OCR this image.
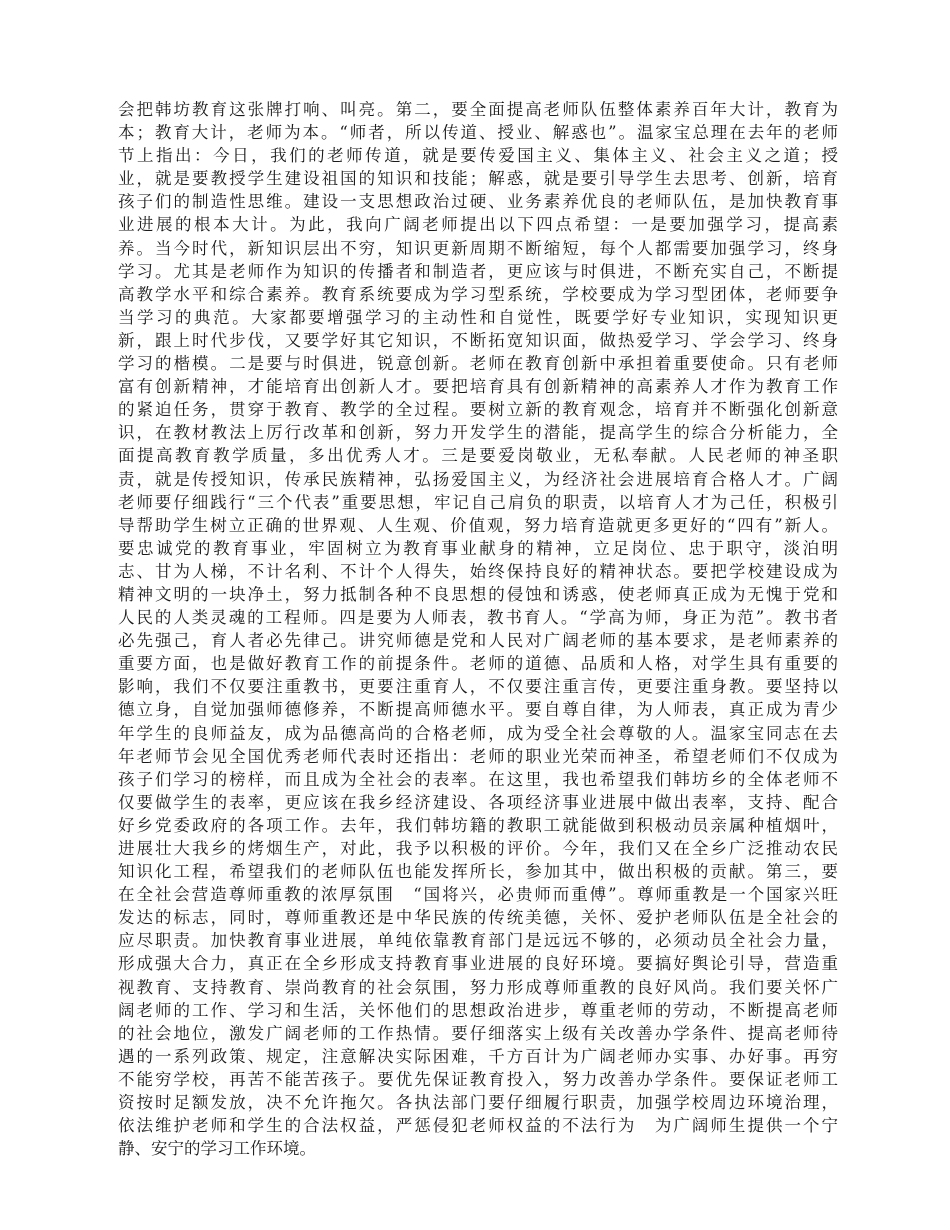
会把韩坊教育这张牌打响、叫亮。第二，要全面提高老师队伍整体素养百年大计，教育为
本；教育大计，老师为本。“师者，所以传道、授业、解惑也”。温家宝总理在去年的老师
节上指出：今日，我们的老师传道，就是要传爱国主义、集体主义、社会主义之道；授
业，就是要教授学生建设祖国的知识和技能；解惑，就是要引导学生去思考、创新，培育
孩子们的制造性思维。建设一支思想政治过硬、业务素养优良的老师队伍，是加快教育事
业进展的根本大计。为此，我向广阔老师提出以下四点希望：一是要加强学习，提高素
养。当今时代，新知识层出不穷，知识更新周期不断缩短，每个人都需要加强学习，终身
学习。尤其是老师作为知识的传播者和制造者，更应该与时俱进，不断充实自己，不断提
高教学水平和综合素养。教育系统要成为学习型系统，学校要成为学习型团体，老师要争
当学习的典范。大家都要增强学习的主动性和自觉性，既要学好专业知识，实现知识更
新，跟上时代步伐，又要学好其它知识，不断拓宽知识面，做热爱学习、学会学习、终身
学习的楷模。二是要与时俱进，锐意创新。老师在教育创新中承担着重要使命。只有老师
富有创新精神，才能培育出创新人才。要把培育具有创新精神的高素养人才作为教育工作
的紧迫任务，贯穿于教育、教学的全过程。要树立新的教育观念，培育并不断强化创新意
识，在教材教法上厉行改革和创新，努力开发学生的潜能，提高学生的综合分析能力，全
面提高教育教学质量，多出优秀人才。三是要爱岗敬业，无私奉献。人民老师的神圣职
责，就是传授知识，传承民族精神，弘扬爱国主义，为经济社会进展培育合格人才。广阔
老师要仔细践行“三个代表”重要思想，牢记自己肩负的职责，以培育人才为己任，积极引
导帮助学生树立正确的世界观、人生观、价值观，努力培育造就更多更好的“四有”新人。
要忠诚党的教育事业，牢固树立为教育事业献身的精神，立足岗位、忠于职守，淡泊明
志、甘为人梯，不计名利、不计个人得失，始终保持良好的精神状态。要把学校建设成为
精神文明的一块净土，努力抵制各种不良思想的侵蚀和诱惑，使老师真正成为无愧于党和
人民的人类灵魂的工程师。四是要为人师表，教书育人。“学高为师，身正为范”。教书者
必先强己，育人者必先律己。讲究师德是党和人民对广阔老师的基本要求，是老师素养的
重要方面，也是做好教育工作的前提条件。老师的道德、品质和人格，对学生具有重要的
影响，我们不仅要注重教书，更要注重育人，不仅要注重言传，更要注重身教。要坚持以
德立身，自觉加强师德修养，不断提高师德水平。要自尊自律，为人师表，真正成为青少
年学生的良师益友，成为品德高尚的合格老师，成为受全社会尊敬的人。温家宝同志在去
年老师节会见全国优秀老师代表时还指出：老师的职业光荣而神圣，希望老师们不仅成为
孩子们学习的榜样，而且成为全社会的表率。在这里，我也希望我们韩坊乡的全体老师不
仅要做学生的表率，更应该在我乡经济建设、各项经济事业进展中做出表率，支持、配合
好乡党委政府的各项工作。去年，我们韩坊籍的教职工就能做到积极动员亲属种植烟叶，
进展壮大我乡的烤烟生产，对此，我予以积极的评价。今年，我们又在全乡广泛推动农民
知识化工程，希望我们的老师队伍也能发挥所长，参加其中，做出积极的贡献。第三，要
在全社会营造尊师重教的浓厚氛围　“国将兴，必贵师而重傅”。尊师重教是一个国家兴旺
发达的标志，同时，尊师重教还是中华民族的传统美德，关怀、爱护老师队伍是全社会的
应尽职责。加快教育事业进展，单纯依靠教育部门是远远不够的，必须动员全社会力量，
形成强大合力，真正在全乡形成支持教育事业进展的良好环境。要搞好舆论引导，营造重
视教育、支持教育、崇尚教育的社会氛围，努力形成尊师重教的良好风尚。我们要关怀广
阔老师的工作、学习和生活，关怀他们的思想政治进步，尊重老师的劳动，不断提高老师
的社会地位，激发广阔老师的工作热情。要仔细落实上级有关改善办学条件、提高老师待
遇的一系列政策、规定，注意解决实际困难，千方百计为广阔老师办实事、办好事。再穷
不能穷学校，再苦不能苦孩子。要优先保证教育投入，努力改善办学条件。要保证老师工
资按时足额发放，决不允许拖欠。各执法部门要仔细履行职责，加强学校周边环境治理，
依法维护老师和学生的合法权益，严惩侵犯老师权益的不法行为　为广阔师生提供一个宁
静、安宁的学习工作环境。
